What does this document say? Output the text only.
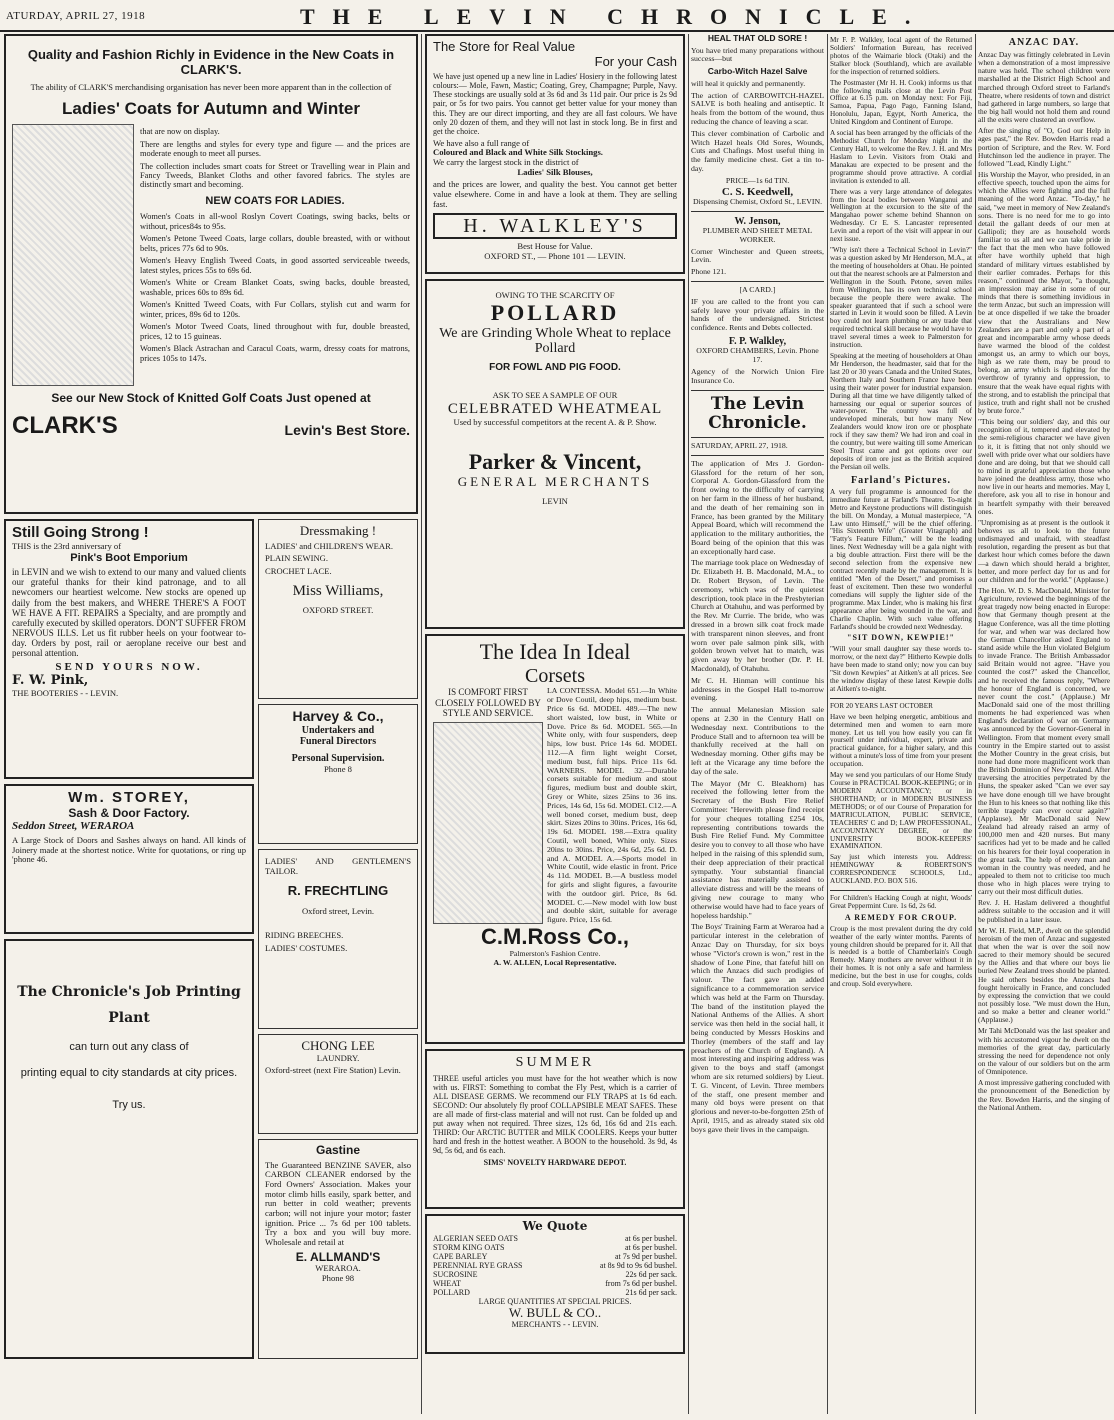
ATURDAY, APRIL 27, 1918	THE LEVIN CHRONICLE.
Quality and Fashion Richly in Evidence in the New Coats in CLARK'S.
The ability of CLARK'S merchandising organisation has never been more apparent than in the collection of
Ladies' Coats for Autumn and Winter
that are now on display.
There are lengths and styles for every type and figure — and the prices are moderate enough to meet all purses.
The collection includes smart coats for Street or Travelling wear in Plain and Fancy Tweeds, Blanket Cloths and other favored fabrics. The styles are distinctly smart and becoming.
NEW COATS FOR LADIES.
Women's Coats in all-wool Roslyn Covert Coatings, swing backs, belts or without, prices84s to 95s.
Women's Petone Tweed Coats, large collars, double breasted, with or without belts, prices 77s 6d to 90s.
Women's Heavy English Tweed Coats, in good assorted serviceable tweeds, latest styles, prices 55s to 69s 6d.
Women's White or Cream Blanket Coats, swing backs, double breasted, washable, prices 60s to 89s 6d.
Women's Knitted Tweed Coats, with Fur Collars, stylish cut and warm for winter, prices, 89s 6d to 120s.
Women's Motor Tweed Coats, lined throughout with fur, double breasted, prices, 12 to 15 guineas.
Women's Black Astrachan and Caracul Coats, warm, dressy coats for matrons, prices 105s to 147s.
See our New Stock of Knitted Golf Coats Just opened at
CLARK'S	Levin's Best Store.
Still Going Strong !
THIS is the 23rd anniversary of
Pink's Boot Emporium
in LEVIN and we wish to extend to our many and valued clients our grateful thanks for their kind patronage, and to all newcomers our heartiest welcome. New stocks are opened up daily from the best makers, and WHERE THERE'S A FOOT WE HAVE A FIT. REPAIRS a Specialty, and are promptly and carefully executed by skilled operators. DON'T SUFFER FROM NERVOUS ILLS. Let us fit rubber heels on your footwear to-day. Orders by post, rail or aeroplane receive our best and personal attention.
SEND YOURS NOW.
F. W. Pink,
THE BOOTERIES - - LEVIN.
Wm. STOREY,
Sash & Door Factory.
Seddon Street, WERAROA
A Large Stock of Doors and Sashes always on hand. All kinds of Joinery made at the shortest notice. Write for quotations, or ring up 'phone 46.
The Chronicle's Job Printing
Plant
can turn out any class of
printing equal to city standards at city prices.
Try us.
Dressmaking !
LADIES' and CHILDREN'S WEAR.
PLAIN SEWING.
CROCHET LACE.
Miss Williams,
OXFORD STREET.
Harvey & Co.,
Undertakers and
Funeral Directors
Personal Supervision.
Phone 8
LADIES' AND GENTLEMEN'S TAILOR.
R. FRECHTLING
Oxford street, Levin.
RIDING BREECHES.
LADIES' COSTUMES.
CHONG LEE
LAUNDRY.
Oxford-street (next Fire Station) Levin.
Gastine
The Guaranteed BENZINE SAVER, also CARBON CLEANER endorsed by the Ford Owners' Association. Makes your motor climb hills easily, spark better, and run better in cold weather; prevents carbon; will not injure your motor; faster ignition. Price ... 7s 6d per 100 tablets. Try a box and you will buy more. Wholesale and retail at
E. ALLMAND'S
WERAROA.
Phone 98
The Store for Real Value
For your Cash
We have just opened up a new line in Ladies' Hosiery in the following latest colours:— Mole, Fawn, Mastic; Coating, Grey, Champagne; Purple, Navy. These stockings are usually sold at 3s 6d and 3s 11d pair. Our price is 2s 9d pair, or 5s for two pairs. You cannot get better value for your money than this. They are our direct importing, and they are all fast colours. We have only 20 dozen of them, and they will not last in stock long. Be in first and get the choice.
We have also a full range of
Coloured and Black and White Silk Stockings.
We carry the largest stock in the district of
Ladies' Silk Blouses,
and the prices are lower, and quality the best. You cannot get better value elsewhere. Come in and have a look at them. They are selling fast.
H. WALKLEY'S
Best House for Value.
OXFORD ST., — Phone 101 — LEVIN.
OWING TO THE SCARCITY OF
POLLARD
We are Grinding Whole Wheat to replace Pollard
FOR FOWL AND PIG FOOD.
ASK TO SEE A SAMPLE OF OUR
CELEBRATED WHEATMEAL
Used by successful competitors at the recent A. & P. Show.
Parker & Vincent,
GENERAL MERCHANTS
LEVIN
The Idea In Ideal
Corsets
IS COMFORT FIRST CLOSELY FOLLOWED BY STYLE AND SERVICE.
LA CONTESSA. Model 651.—In White or Dove Coutil, deep hips, medium bust. Price 6s 6d. MODEL 489.—The new short waisted, low bust, in White or Dove. Price 8s 6d. MODEL 565.—In White only, with four suspenders, deep hips, low bust. Price 14s 6d. MODEL 112.—A firm light weight Corset, medium bust, full hips. Price 11s 6d. WARNERS. MODEL 32.—Durable corsets suitable for medium and stout figures, medium bust and double skirt, Grey or White, sizes 25ins to 36 ins. Prices, 14s 6d, 15s 6d. MODEL C12.—A well boned corset, medium bust, deep skirt. Sizes 20ins to 30ins. Prices, 16s 6d, 19s 6d. MODEL 198.—Extra quality Coutil, well boned, White only. Sizes 20ins to 30ins. Price, 24s 6d, 25s 6d. D. and A. MODEL A.—Sports model in White Coutil, wide elastic in front. Price 4s 11d. MODEL B.—A bustless model for girls and slight figures, a favourite with the outdoor girl. Price, 8s 6d. MODEL C.—New model with low bust and double skirt, suitable for average figure. Price, 15s 6d.
C.M.Ross Co.,
Palmerston's Fashion Centre.
A. W. ALLEN, Local Representative.
SUMMER
THREE useful articles you must have for the hot weather which is now with us. FIRST: Something to combat the Fly Pest, which is a carrier of ALL DISEASE GERMS. We recommend our FLY TRAPS at 1s 6d each. SECOND: Our absolutely fly proof COLLAPSIBLE MEAT SAFES. These are all made of first-class material and will not rust. Can be folded up and put away when not required. Three sizes, 12s 6d, 16s 6d and 21s each. THIRD: Our ARCTIC BUTTER and MILK COOLERS. Keeps your butter hard and fresh in the hottest weather. A BOON to the household. 3s 9d, 4s 9d, 5s 6d, and 6s each.
SIMS' NOVELTY HARDWARE DEPOT.
We Quote
ALGERIAN SEED OATS	at 6s per bushel.
STORM KING OATS	at 6s per bushel.
CAPE BARLEY	at 7s 9d per bushel.
PERENNIAL RYE GRASS	at 8s 9d to 9s 6d bushel.
SUCROSINE	22s 6d per sack.
WHEAT	from 7s 6d per bushel.
POLLARD	21s 6d per sack.
LARGE QUANTITIES AT SPECIAL PRICES.
W. BULL & CO..
MERCHANTS - - LEVIN.
HEAL THAT OLD SORE !
You have tried many preparations without success—but
Carbo-Witch Hazel Salve
will heal it quickly and permanently.
The action of CARBOWITCH-HAZEL SALVE is both healing and antiseptic. It heals from the bottom of the wound, thus reducing the chance of leaving a scar.
This clever combination of Carbolic and Witch Hazel heals Old Sores, Wounds, Cuts and Chafings. Most useful thing in the family medicine chest. Get a tin to-day.
PRICE—1s 6d TIN.
C. S. Keedwell,
Dispensing Chemist, Oxford St., LEVIN.
W. Jenson,
PLUMBER AND SHEET METAL WORKER.
Corner Winchester and Queen streets, Levin.
Phone 121.
[A CARD.]
IF you are called to the front you can safely leave your private affairs in the hands of the undersigned. Strictest confidence. Rents and Debts collected.
F. P. Walkley,
OXFORD CHAMBERS, Levin. Phone 17.
Agency of the Norwich Union Fire Insurance Co.
The Levin
Chronicle.
SATURDAY, APRIL 27, 1918.
The application of Mrs J. Gordon-Glassford for the return of her son, Corporal A. Gordon-Glassford from the front owing to the difficulty of carrying on her farm in the illness of her husband, and the death of her remaining son in France, has been granted by the Military Appeal Board, which will recommend the application to the military authorities, the Board being of the opinion that this was an exceptionally hard case.
The marriage took place on Wednesday of Dr. Elizabeth H. B. Macdonald, M.A., to Dr. Robert Bryson, of Levin. The ceremony, which was of the quietest description, took place in the Presbyterian Church at Otahuhu, and was performed by the Rev. Mr Currie. The bride, who was dressed in a brown silk coat frock made with transparent ninon sleeves, and front worn over pale salmon pink silk, with golden brown velvet hat to match, was given away by her brother (Dr. P. H. Macdonald), of Otahuhu.
Mr C. H. Hinman will continue his addresses in the Gospel Hall to-morrow evening.
The annual Melanesian Mission sale opens at 2.30 in the Century Hall on Wednesday next. Contributions to the Produce Stall and to afternoon tea will be thankfully received at the hall on Wednesday morning. Other gifts may be left at the Vicarage any time before the day of the sale.
The Mayor (Mr C. Bleakhorn) has received the following letter from the Secretary of the Bush Fire Relief Committee: "Herewith please find receipt for your cheques totalling £254 10s, representing contributions towards the Bush Fire Relief Fund. My Committee desire you to convey to all those who have helped in the raising of this splendid sum, their deep appreciation of their practical sympathy. Your substantial financial assistance has materially assisted to alleviate distress and will be the means of giving new courage to many who otherwise would have had to face years of hopeless hardship."
The Boys' Training Farm at Weraroa had a particular interest in the celebration of Anzac Day on Thursday, for six boys whose "Victor's crown is won," rest in the shadow of Lone Pine, that fateful hill on which the Anzacs did such prodigies of valour. The fact gave an added significance to a commemoration service which was held at the Farm on Thursday. The band of the institution played the National Anthems of the Allies. A short service was then held in the social hall, it being conducted by Messrs Hoskins and Thorley (members of the staff and lay preachers of the Church of England). A most interesting and inspiring address was given to the boys and staff (amongst whom are six returned soldiers) by Lieut. T. G. Vincent, of Levin. Three members of the staff, one present member and many old boys were present on that glorious and never-to-be-forgotten 25th of April, 1915, and as already stated six old boys gave their lives in the campaign.
Mr F. P. Walkley, local agent of the Returned Soldiers' Information Bureau, has received photos of the Waimarie block (Otaki) and the Stalker block (Southland), which are available for the inspection of returned soldiers.
The Postmaster (Mr H. H. Cook) informs us that the following mails close at the Levin Post Office at 6.15 p.m. on Monday next: For Fiji, Samoa, Papua, Pago Pago, Fanning Island, Honolulu, Japan, Egypt, North America, the United Kingdom and Continent of Europe.
A social has been arranged by the officials of the Methodist Church for Monday night in the Century Hall, to welcome the Rev. J. H. and Mrs Haslam to Levin. Visitors from Otaki and Manakau are expected to be present and the programme should prove attractive. A cordial invitation is extended to all.
There was a very large attendance of delegates from the local bodies between Wanganui and Wellington at the excursion to the site of the Mangahao power scheme behind Shannon on Wednesday. Cr E. S. Lancaster represented Levin and a report of the visit will appear in our next issue.
"Why isn't there a Technical School in Levin?" was a question asked by Mr Henderson, M.A., at the meeting of householders at Ohau. He pointed out that the nearest schools are at Palmerston and Wellington in the South. Petone, seven miles from Wellington, has its own technical school because the people there were awake. The speaker guaranteed that if such a school were started in Levin it would soon be filled. A Levin boy could not learn plumbing or any trade that required technical skill because he would have to travel several times a week to Palmerston for instruction.
Speaking at the meeting of householders at Ohau Mr Henderson, the headmaster, said that for the last 20 or 30 years Canada and the United States, Northern Italy and Southern France have been using their water power for industrial expansion. During all that time we have diligently talked of harnessing our equal or superior sources of water-power. The country was full of undeveloped minerals, but how many New Zealanders would know iron ore or phosphate rock if they saw them? We had iron and coal in the country, but were waiting till some American Steel Trust came and got options over our deposits of iron ore just as the British acquired the Persian oil wells.
Farland's Pictures.
A very full programme is announced for the immediate future at Farland's Theatre. To-night Metro and Keystone productions will distinguish the bill. On Monday, a Mutual masterpiece, "A Law unto Himself," will be the chief offering. "His Sixteenth Wife" (Greater Vitagraph) and "Fatty's Feature Fillum," will be the leading lines. Next Wednesday will be a gala night with a big double attraction. First there will be the second selection from the expensive new contract recently made by the management. It is entitled "Men of the Desert," and promises a feast of excitement. Then these two wonderful comedians will supply the lighter side of the programme. Max Linder, who is making his first appearance after being wounded in the war, and Charlie Chaplin. With such value offering Farland's should be crowded next Wednesday.
"SIT DOWN, KEWPIE!"
"Will your small daughter say these words to-morrow, or the next day?" Hitherto Kewpie dolls have been made to stand only; now you can buy "Sit down Kewpies" at Aitken's at all prices. See the window display of these latest Kewpie dolls at Aitken's to-night.
FOR 20 YEARS LAST OCTOBER
Have we been helping energetic, ambitious and determined men and women to earn more money. Let us tell you how easily you can fit yourself under individual, expert, private and practical guidance, for a higher salary, and this without a minute's loss of time from your present occupation.
May we send you particulars of our Home Study Course in PRACTICAL BOOK-KEEPING; or in MODERN ACCOUNTANCY; or in SHORTHAND; or in MODERN BUSINESS METHODS; or of our Course of Preparation for MATRICULATION, PUBLIC SERVICE, TEACHERS' C and D; LAW PROFESSIONAL, ACCOUNTANCY DEGREE, or the UNIVERSITY BOOK-KEEPERS' EXAMINATION.
Say just which interests you. Address: HEMINGWAY & ROBERTSON'S CORRESPONDENCE SCHOOLS, Ltd., AUCKLAND. P.O. BOX 516.
For Children's Hacking Cough at night, Woods' Great Peppermint Cure. 1s 6d, 2s 6d.
A REMEDY FOR CROUP.
Croup is the most prevalent during the dry cold weather of the early winter months. Parents of young children should be prepared for it. All that is needed is a bottle of Chamberlain's Cough Remedy. Many mothers are never without it in their homes. It is not only a safe and harmless medicine, but the best in use for coughs, colds and croup. Sold everywhere.
ANZAC DAY.
Anzac Day was fittingly celebrated in Levin when a demonstration of a most impressive nature was held. The school children were marshalled at the District High School and marched through Oxford street to Farland's Theatre, where residents of town and district had gathered in large numbers, so large that the big hall would not hold them and round all the exits were clustered an overflow.
After the singing of "O, God our Help in ages past," the Rev. Bowden Harris read a portion of Scripture, and the Rev. W. Ford Hutchinson led the audience in prayer. The followed "Lead, Kindly Light."
His Worship the Mayor, who presided, in an effective speech, touched upon the aims for which the Allies were fighting and the full meaning of the word Anzac. "To-day," he said, "we meet in memory of New Zealand's sons. There is no need for me to go into detail the gallant deeds of our men at Gallipoli; they are as household words familiar to us all and we can take pride in the fact that the men who have followed after have worthily upheld that high standard of military virtues established by their earlier comrades. Perhaps for this reason," continued the Mayor, "a thought, an impression may arise in some of our minds that there is something invidious in the term Anzac, but such an impression will be at once dispelled if we take the broader view that the Australians and New Zealanders are a part and only a part of a great and incomparable army whose deeds have warmed the blood of the coldest amongst us, an army to which our boys, high as we rate them, may be proud to belong, an army which is fighting for the overthrow of tyranny and oppression, to ensure that the weak have equal rights with the strong, and to establish the principal that justice, truth and right shall not be crushed by brute force."
"This being our soldiers' day, and this our recognition of it, tempered and elevated by the semi-religious character we have given to it, it is fitting that not only should we swell with pride over what our soldiers have done and are doing, but that we should call to mind in grateful appreciation those who have joined the deathless army, those who now live in our hearts and memories. May I, therefore, ask you all to rise in honour and in heartfelt sympathy with their bereaved ones.
"Unpromising as at present is the outlook it behoves us all to look to the future undismayed and unafraid, with steadfast resolution, regarding the present as but that darkest hour which comes before the dawn—a dawn which should herald a brighter, better, and more perfect day for us and for our children and for the world." (Applause.)
The Hon. W. D. S. MacDonald, Minister for Agriculture, reviewed the beginnings of the great tragedy now being enacted in Europe: how that Germany though present at the Hague Conference, was all the time plotting for war, and when war was declared how the German Chancellor asked England to stand aside while the Hun violated Belgium to invade France. The British Ambassador said Britain would not agree. "Have you counted the cost?" asked the Chancellor, and he received the famous reply, "Where the honour of England is concerned, we never count the cost." (Applause.) Mr MacDonald said one of the most thrilling moments he had experienced was when England's declaration of war on Germany was announced by the Governor-General in Wellington. From that moment every small country in the Empire started out to assist the Mother Country in the great crisis, but none had done more magnificent work than the British Dominion of New Zealand. After traversing the atrocities perpetrated by the Huns, the speaker asked "Can we ever say we have done enough till we have brought the Hun to his knees so that nothing like this terrible tragedy can ever occur again?" (Applause). Mr MacDonald said New Zealand had already raised an army of 100,000 men and 420 nurses. But many sacrifices had yet to be made and he called on his hearers for their loyal cooperation in the great task. The help of every man and woman in the country was needed, and he appealed to them not to criticise too much those who in high places were trying to carry out their most difficult duties.
Rev. J. H. Haslam delivered a thoughtful address suitable to the occasion and it will be published in a later issue.
Mr W. H. Field, M.P., dwelt on the splendid heroism of the men of Anzac and suggested that when the war is over the soil now sacred to their memory should be secured by the Allies and that where our boys lie buried New Zealand trees should be planted. He said others besides the Anzacs had fought heroically in France, and concluded by expressing the conviction that we could not possibly lose. "We must down the Hun, and so make a better and cleaner world." (Applause.)
Mr Tahi McDonald was the last speaker and with his accustomed vigour he dwelt on the memories of the great day, particularly stressing the need for dependence not only on the valour of our soldiers but on the arm of Omnipotence.
A most impressive gathering concluded with the pronouncement of the Benediction by the Rev. Bowden Harris, and the singing of the National Anthem.
